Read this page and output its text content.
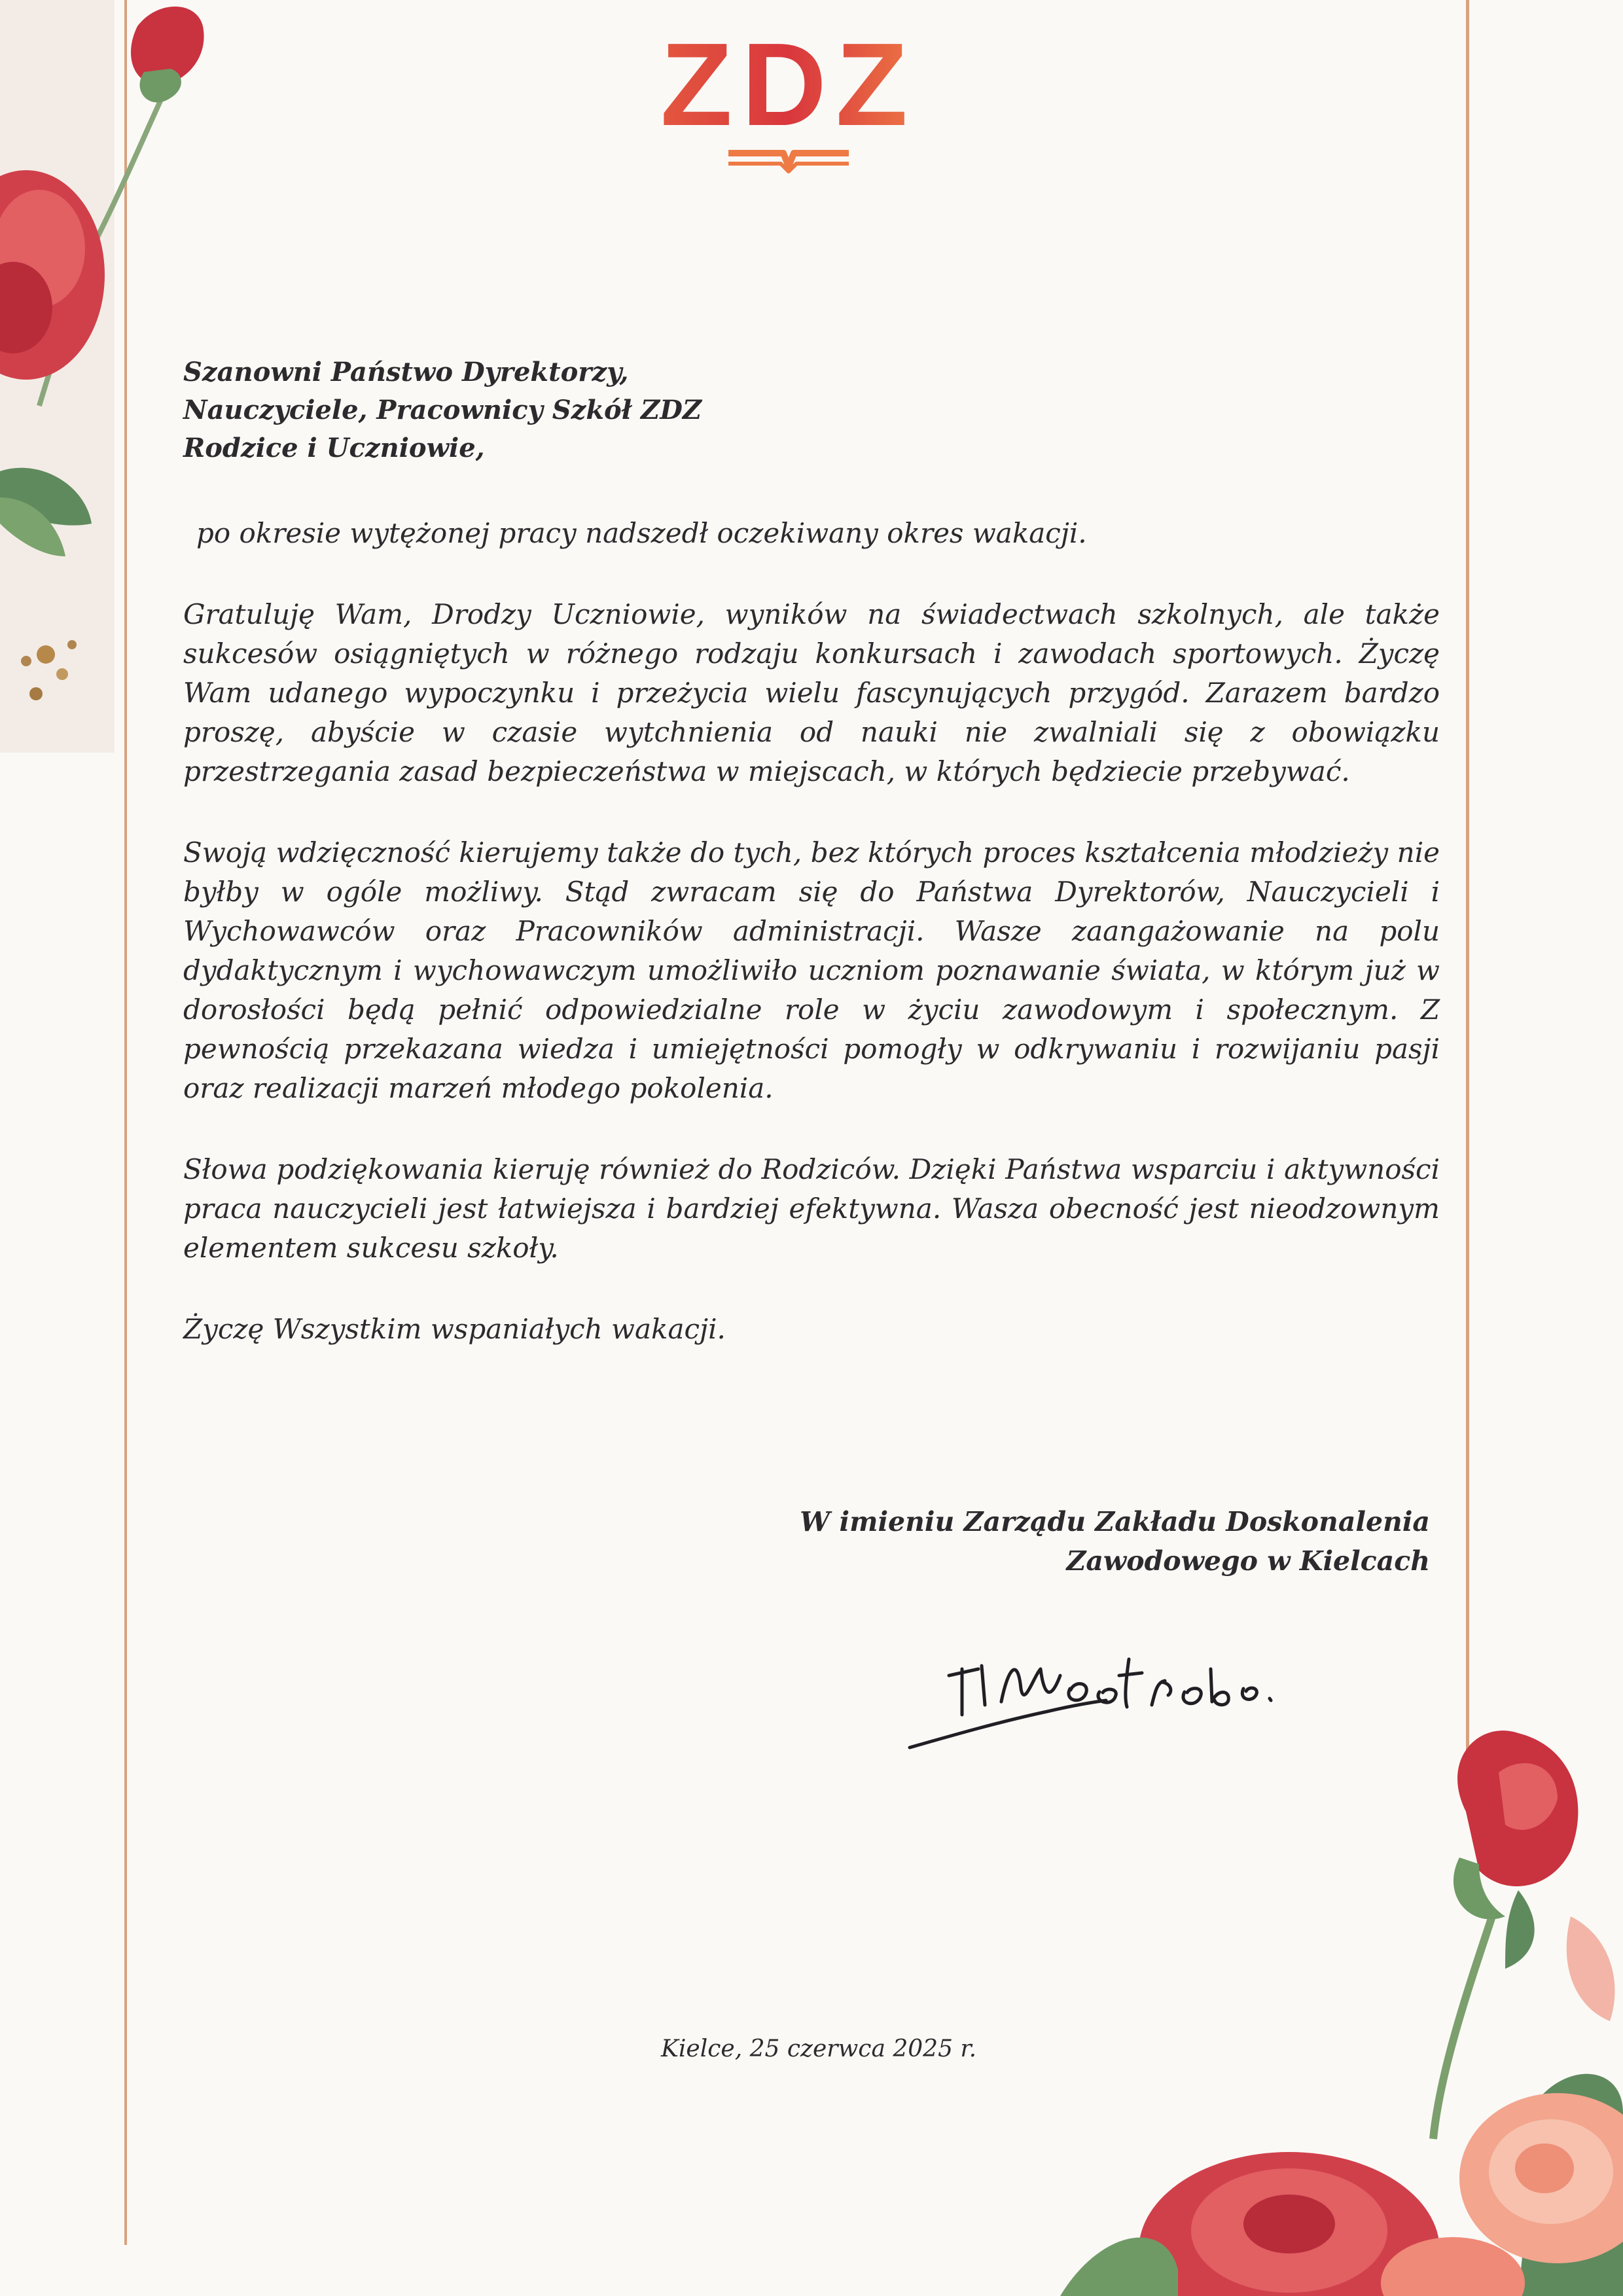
ZDZ
Szanowni Państwo Dyrektorzy,
Nauczyciele, Pracownicy Szkół ZDZ
Rodzice i Uczniowie,

po okresie wytężonej pracy nadszedł oczekiwany okres wakacji.

Gratuluję Wam, Drodzy Uczniowie, wyników na świadectwach szkolnych, ale także sukcesów osiągniętych w różnego rodzaju konkursach i zawodach sportowych. Życzę Wam udanego wypoczynku i przeżycia wielu fascynujących przygód. Zarazem bardzo proszę, abyście w czasie wytchnienia od nauki nie zwalniali się z obowiązku przestrzegania zasad bezpieczeństwa w miejscach, w których będziecie przebywać.

Swoją wdzięczność kierujemy także do tych, bez których proces kształcenia młodzieży nie byłby w ogóle możliwy. Stąd zwracam się do Państwa Dyrektorów, Nauczycieli i Wychowawców oraz Pracowników administracji. Wasze zaangażowanie na polu dydaktycznym i wychowawczym umożliwiło uczniom poznawanie świata, w którym już w dorosłości będą pełnić odpowiedzialne role w życiu zawodowym i społecznym. Z pewnością przekazana wiedza i umiejętności pomogły w odkrywaniu i rozwijaniu pasji oraz realizacji marzeń młodego pokolenia.

Słowa podziękowania kieruję również do Rodziców. Dzięki Państwa wsparciu i aktywności praca nauczycieli jest łatwiejsza i bardziej efektywna. Wasza obecność jest nieodzownym elementem sukcesu szkoły.

Życzę Wszystkim wspaniałych wakacji.

W imieniu Zarządu Zakładu Doskonalenia
Zawodowego w Kielcach
Kielce, 25 czerwca 2025 r.
